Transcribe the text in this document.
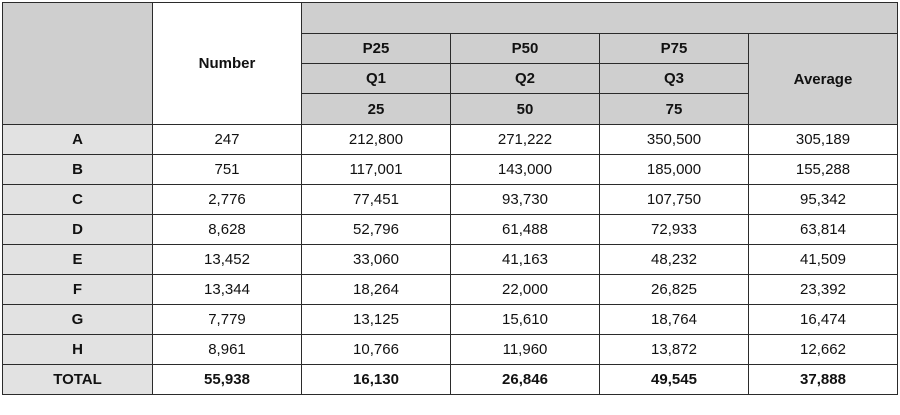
	Number				
		P25	P50	P75	Average
		Q1	Q2	Q3	
		25	50	75	
A	247	212,800	271,222	350,500	305,189
B	751	117,001	143,000	185,000	155,288
C	2,776	77,451	93,730	107,750	95,342
D	8,628	52,796	61,488	72,933	63,814
E	13,452	33,060	41,163	48,232	41,509
F	13,344	18,264	22,000	26,825	23,392
G	7,779	13,125	15,610	18,764	16,474
H	8,961	10,766	11,960	13,872	12,662
TOTAL	55,938	16,130	26,846	49,545	37,888
